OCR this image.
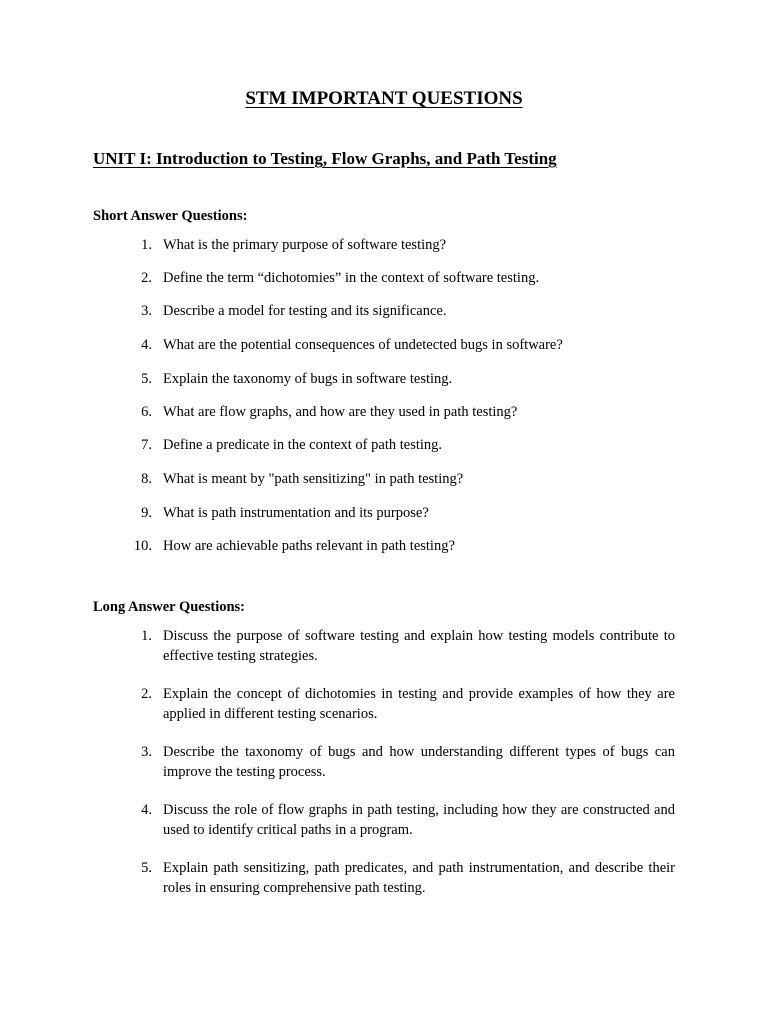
STM IMPORTANT QUESTIONS
UNIT I: Introduction to Testing, Flow Graphs, and Path Testing
Short Answer Questions:
1. What is the primary purpose of software testing?
2. Define the term “dichotomies” in the context of software testing.
3. Describe a model for testing and its significance.
4. What are the potential consequences of undetected bugs in software?
5. Explain the taxonomy of bugs in software testing.
6. What are flow graphs, and how are they used in path testing?
7. Define a predicate in the context of path testing.
8. What is meant by "path sensitizing" in path testing?
9. What is path instrumentation and its purpose?
10. How are achievable paths relevant in path testing?
Long Answer Questions:
1. Discuss the purpose of software testing and explain how testing models contribute to effective testing strategies.
2. Explain the concept of dichotomies in testing and provide examples of how they are applied in different testing scenarios.
3. Describe the taxonomy of bugs and how understanding different types of bugs can improve the testing process.
4. Discuss the role of flow graphs in path testing, including how they are constructed and used to identify critical paths in a program.
5. Explain path sensitizing, path predicates, and path instrumentation, and describe their roles in ensuring comprehensive path testing.
